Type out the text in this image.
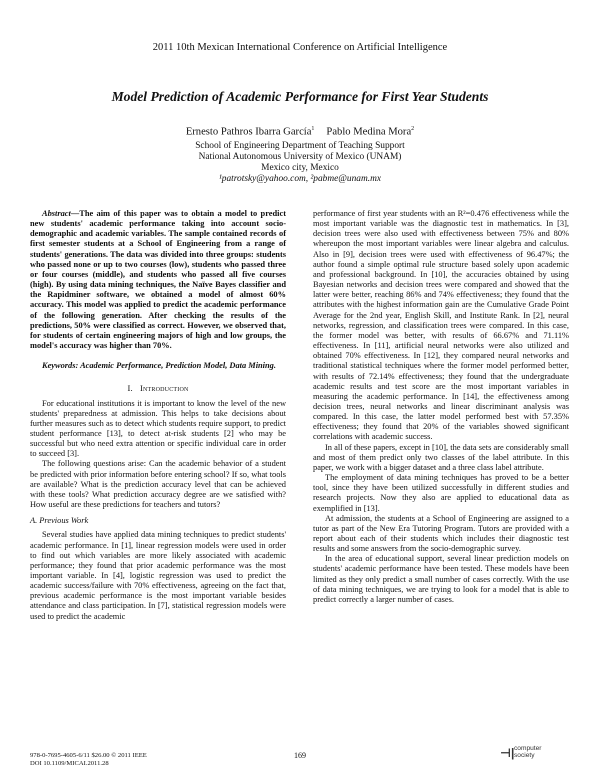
2011 10th Mexican International Conference on Artificial Intelligence
Model Prediction of Academic Performance for First Year Students
Ernesto Pathros Ibarra García$^1$ Pablo Medina Mora$^2$
School of Engineering Department of Teaching Support
National Autonomous University of Mexico (UNAM)
Mexico city, Mexico
¹patrotsky@yahoo.com, ²pabme@unam.mx

Abstract—The aim of this paper was to obtain a model to predict new students' academic performance taking into account socio-demographic and academic variables. The sample contained records of first semester students at a School of Engineering from a range of students' generations. The data was divided into three groups: students who passed none or up to two courses (low), students who passed three or four courses (middle), and students who passed all five courses (high). By using data mining techniques, the Naïve Bayes classifier and the Rapidminer software, we obtained a model of almost 60% accuracy. This model was applied to predict the academic performance of the following generation. After checking the results of the predictions, 50% were classified as correct. However, we observed that, for students of certain engineering majors of high and low groups, the model's accuracy was higher than 70%.

Keywords: Academic Performance, Prediction Model, Data Mining.

I. Introduction

For educational institutions it is important to know the level of the new students' preparedness at admission. This helps to take decisions about further measures such as to detect which students require support, to predict student performance [13], to detect at-risk students [2] who may be successful but who need extra attention or specific individual care in order to succeed [3].

The following questions arise: Can the academic behavior of a student be predicted with prior information before entering school? If so, what tools are available? What is the prediction accuracy level that can be achieved with these tools? What prediction accuracy degree are we satisfied with? How useful are these predictions for teachers and tutors?

A. Previous Work

Several studies have applied data mining techniques to predict students' academic performance. In [1], linear regression models were used in order to find out which variables are more likely associated with academic performance; they found that prior academic performance was the most important variable. In [4], logistic regression was used to predict the academic success/failure with 70% effectiveness, agreeing on the fact that, previous academic performance is the most important variable besides attendance and class participation. In [7], statistical regression models were used to predict the academic

performance of first year students with an R²=0.476 effectiveness while the most important variable was the diagnostic test in mathematics. In [3], decision trees were also used with effectiveness between 75% and 80% whereupon the most important variables were linear algebra and calculus. Also in [9], decision trees were used with effectiveness of 96.47%; the author found a simple optimal rule structure based solely upon academic and professional background. In [10], the accuracies obtained by using Bayesian networks and decision trees were compared and showed that the latter were better, reaching 86% and 74% effectiveness; they found that the attributes with the highest information gain are the Cumulative Grade Point Average for the 2nd year, English Skill, and Institute Rank. In [2], neural networks, regression, and classification trees were compared. In this case, the former model was better, with results of 66.67% and 71.11% effectiveness. In [11], artificial neural networks were also utilized and obtained 70% effectiveness. In [12], they compared neural networks and traditional statistical techniques where the former model performed better, with results of 72.14% effectiveness; they found that the undergraduate academic results and test score are the most important variables in measuring the academic performance. In [14], the effectiveness among decision trees, neural networks and linear discriminant analysis was compared. In this case, the latter model performed best with 57.35% effectiveness; they found that 20% of the variables showed significant correlations with academic success.

In all of these papers, except in [10], the data sets are considerably small and most of them predict only two classes of the label attribute. In this paper, we work with a bigger dataset and a three class label attribute.

The employment of data mining techniques has proved to be a better tool, since they have been utilized successfully in different studies and research projects. Now they also are applied to educational data as exemplified in [13].

At admission, the students at a School of Engineering are assigned to a tutor as part of the New Era Tutoring Program. Tutors are provided with a report about each of their students which includes their diagnostic test results and some answers from the socio-demographic survey.

In the area of educational support, several linear prediction models on students' academic performance have been tested. These models have been limited as they only predict a small number of cases correctly. With the use of data mining techniques, we are trying to look for a model that is able to predict correctly a larger number of cases.

978-0-7695-4605-6/11 $26.00 © 2011 IEEE
DOI 10.1109/MICAI.2011.28
169	⊣| computer
society
